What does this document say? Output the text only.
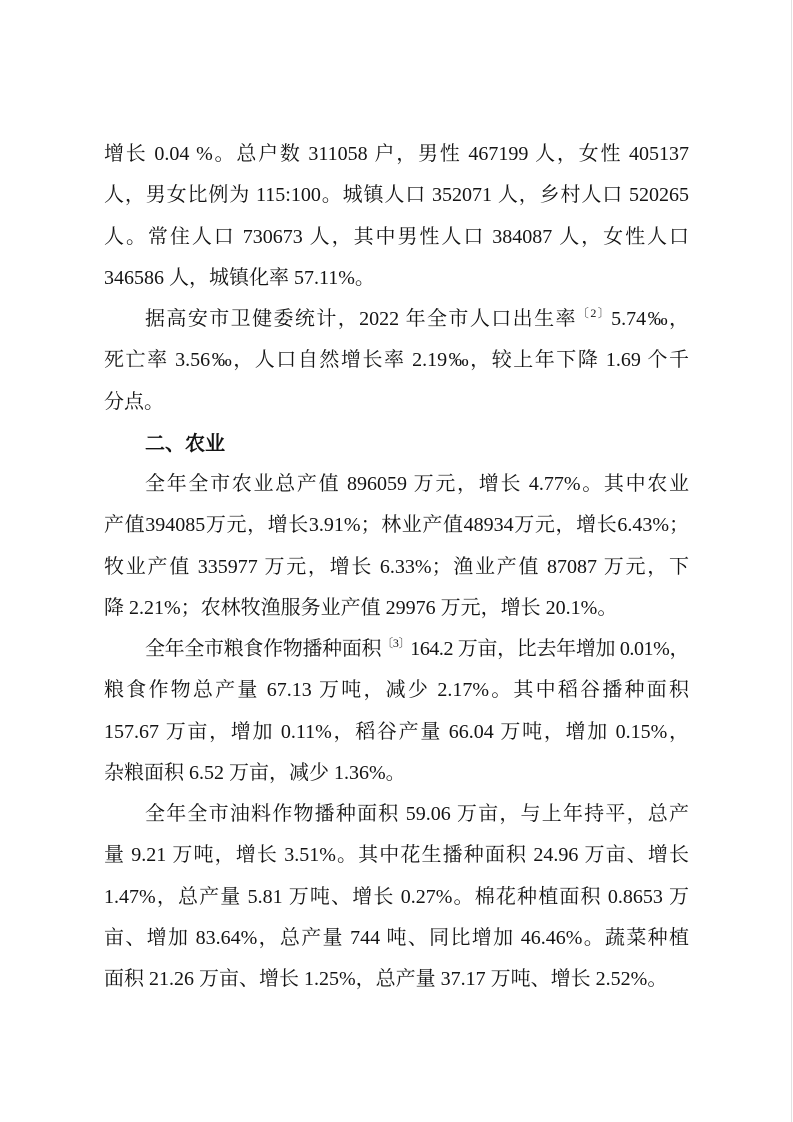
增长 0.04 %。总户数 311058 户，男性 467199 人，女性 405137
人，男女比例为 115:100。城镇人口 352071 人，乡村人口 520265
人。常住人口 730673 人，其中男性人口 384087 人，女性人口
346586 人，城镇化率 57.11%。
据高安市卫健委统计，2022 年全市人口出生率$^{〔2〕}$5.74‰，
死亡率 3.56‰，人口自然增长率 2.19‰，较上年下降 1.69 个千
分点。
二、农业
全年全市农业总产值 896059 万元，增长 4.77%。其中农业
产值394085万元，增长3.91%；林业产值48934万元，增长6.43%；
牧业产值 335977 万元，增长 6.33%；渔业产值 87087 万元，下
降 2.21%；农林牧渔服务业产值 29976 万元，增长 20.1%。
全年全市粮食作物播种面积$^{〔3〕}$164.2 万亩，比去年增加 0.01%，
粮食作物总产量 67.13 万吨，减少 2.17%。其中稻谷播种面积
157.67 万亩，增加 0.11%，稻谷产量 66.04 万吨，增加 0.15%，
杂粮面积 6.52 万亩，减少 1.36%。
全年全市油料作物播种面积 59.06 万亩，与上年持平，总产
量 9.21 万吨，增长 3.51%。其中花生播种面积 24.96 万亩、增长
1.47%，总产量 5.81 万吨、增长 0.27%。棉花种植面积 0.8653 万
亩、增加 83.64%，总产量 744 吨、同比增加 46.46%。蔬菜种植
面积 21.26 万亩、增长 1.25%，总产量 37.17 万吨、增长 2.52%。
